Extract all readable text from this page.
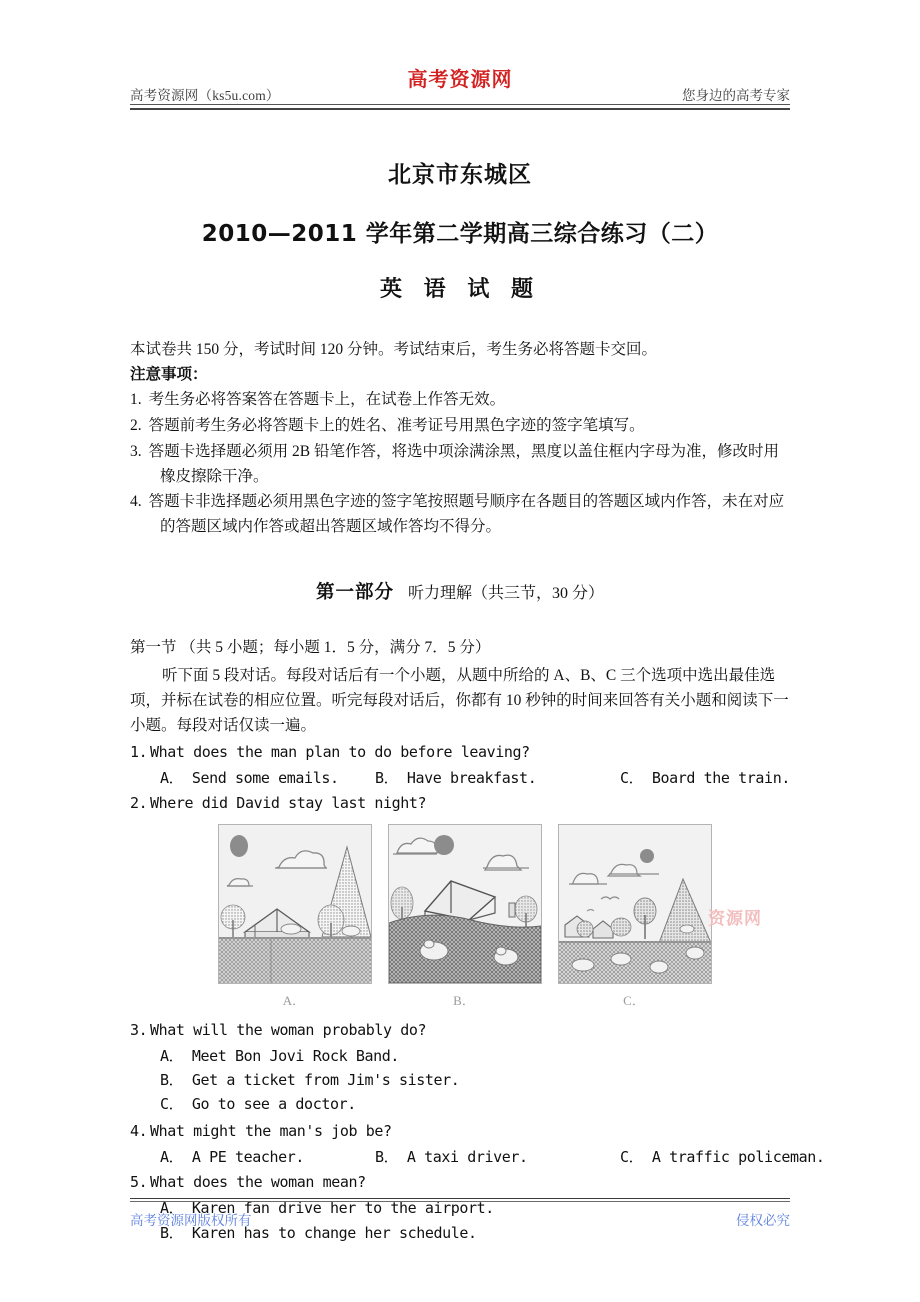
高考资源网（ks5u.com）
高考资源网
您身边的高考专家
北京市东城区
2010—2011 学年第二学期高三综合练习（二）
英 语 试 题
本试卷共 150 分，考试时间 120 分钟。考试结束后，考生务必将答题卡交回。
注意事项：
1. 考生务必将答案答在答题卡上，在试卷上作答无效。
2. 答题前考生务必将答题卡上的姓名、准考证号用黑色字迹的签字笔填写。
3. 答题卡选择题必须用 2B 铅笔作答，将选中项涂满涂黑，黑度以盖住框内字母为准，修改时用橡皮擦除干净。
4. 答题卡非选择题必须用黑色字迹的签字笔按照题号顺序在各题目的答题区域内作答，未在对应的答题区域内作答或超出答题区域作答均不得分。
第一部分 听力理解（共三节，30 分）
第一节 （共 5 小题；每小题 1．5 分，满分 7．5 分）
听下面 5 段对话。每段对话后有一个小题，从题中所给的 A、B、C 三个选项中选出最佳选项，并标在试卷的相应位置。听完每段对话后，你都有 10 秒钟的时间来回答有关小题和阅读下一小题。每段对话仅读一遍。
1. What does the man plan to do before leaving?
A． Send some emails. B． Have breakfast.	C． Board the train.
2. Where did David stay last night?
A．	B．	C．
资源网
3. What will the woman probably do?
A． Meet Bon Jovi Rock Band.
B． Get a ticket from Jim's sister.
C． Go to see a doctor.
4. What might the man's job be?
A． A PE teacher.	B． A taxi driver.	C． A traffic policeman.
5. What does the woman mean?
A． Karen fan drive her to the airport.
B． Karen has to change her schedule.
高考资源网版权所有	侵权必究
